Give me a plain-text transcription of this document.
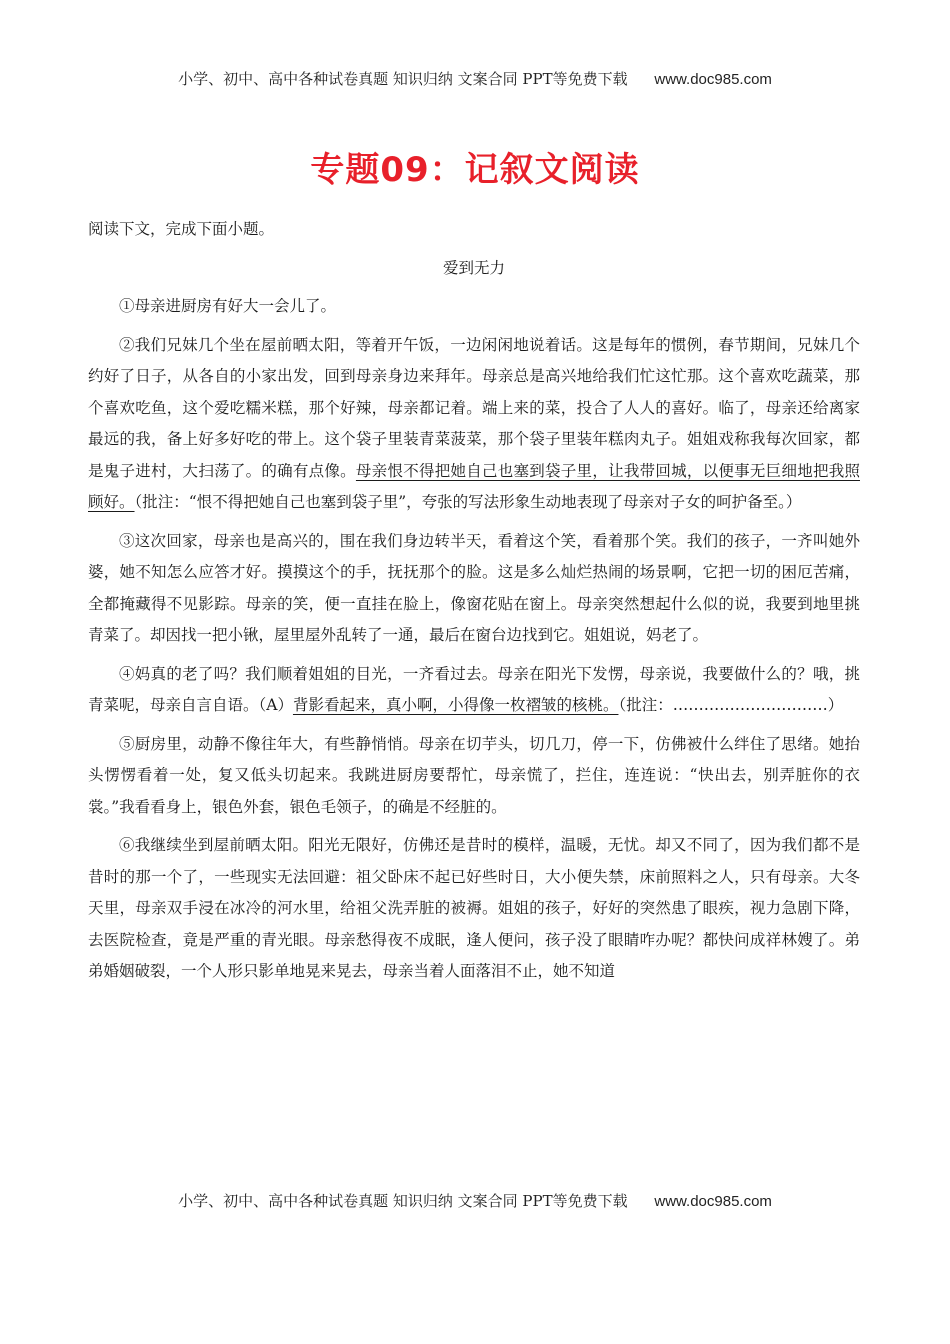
小学、初中、高中各种试卷真题 知识归纳 文案合同 PPT等免费下载 www.doc985.com
专题09：记叙文阅读

阅读下文，完成下面小题。

爱到无力

①母亲进厨房有好大一会儿了。

②我们兄妹几个坐在屋前晒太阳，等着开午饭，一边闲闲地说着话。这是每年的惯例，春节期间，兄妹几个约好了日子，从各自的小家出发，回到母亲身边来拜年。母亲总是高兴地给我们忙这忙那。这个喜欢吃蔬菜，那个喜欢吃鱼，这个爱吃糯米糕，那个好辣，母亲都记着。端上来的菜，投合了人人的喜好。临了，母亲还给离家最远的我，备上好多好吃的带上。这个袋子里装青菜菠菜，那个袋子里装年糕肉丸子。姐姐戏称我每次回家，都是鬼子进村，大扫荡了。的确有点像。母亲恨不得把她自己也塞到袋子里，让我带回城，以便事无巨细地把我照顾好。（批注：“恨不得把她自己也塞到袋子里”，夸张的写法形象生动地表现了母亲对子女的呵护备至。）

③这次回家，母亲也是高兴的，围在我们身边转半天，看着这个笑，看着那个笑。我们的孩子，一齐叫她外婆，她不知怎么应答才好。摸摸这个的手，抚抚那个的脸。这是多么灿烂热闹的场景啊，它把一切的困厄苦痛，全都掩藏得不见影踪。母亲的笑，便一直挂在脸上，像窗花贴在窗上。母亲突然想起什么似的说，我要到地里挑青菜了。却因找一把小锹，屋里屋外乱转了一通，最后在窗台边找到它。姐姐说，妈老了。

④妈真的老了吗？我们顺着姐姐的目光，一齐看过去。母亲在阳光下发愣，母亲说，我要做什么的？哦，挑青菜呢，母亲自言自语。（A）背影看起来，真小啊，小得像一枚褶皱的核桃。（批注：…………………………）

⑤厨房里，动静不像往年大，有些静悄悄。母亲在切芋头，切几刀，停一下，仿佛被什么绊住了思绪。她抬头愣愣看着一处，复又低头切起来。我跳进厨房要帮忙，母亲慌了，拦住，连连说：“快出去，别弄脏你的衣裳。”我看看身上，银色外套，银色毛领子，的确是不经脏的。

⑥我继续坐到屋前晒太阳。阳光无限好，仿佛还是昔时的模样，温暖，无忧。却又不同了，因为我们都不是昔时的那一个了，一些现实无法回避：祖父卧床不起已好些时日，大小便失禁，床前照料之人，只有母亲。大冬天里，母亲双手浸在冰冷的河水里，给祖父洗弄脏的被褥。姐姐的孩子，好好的突然患了眼疾，视力急剧下降，去医院检查，竟是严重的青光眼。母亲愁得夜不成眠，逢人便问，孩子没了眼睛咋办呢？都快问成祥林嫂了。弟弟婚姻破裂，一个人形只影单地晃来晃去，母亲当着人面落泪不止，她不知道

小学、初中、高中各种试卷真题 知识归纳 文案合同 PPT等免费下载 www.doc985.com
